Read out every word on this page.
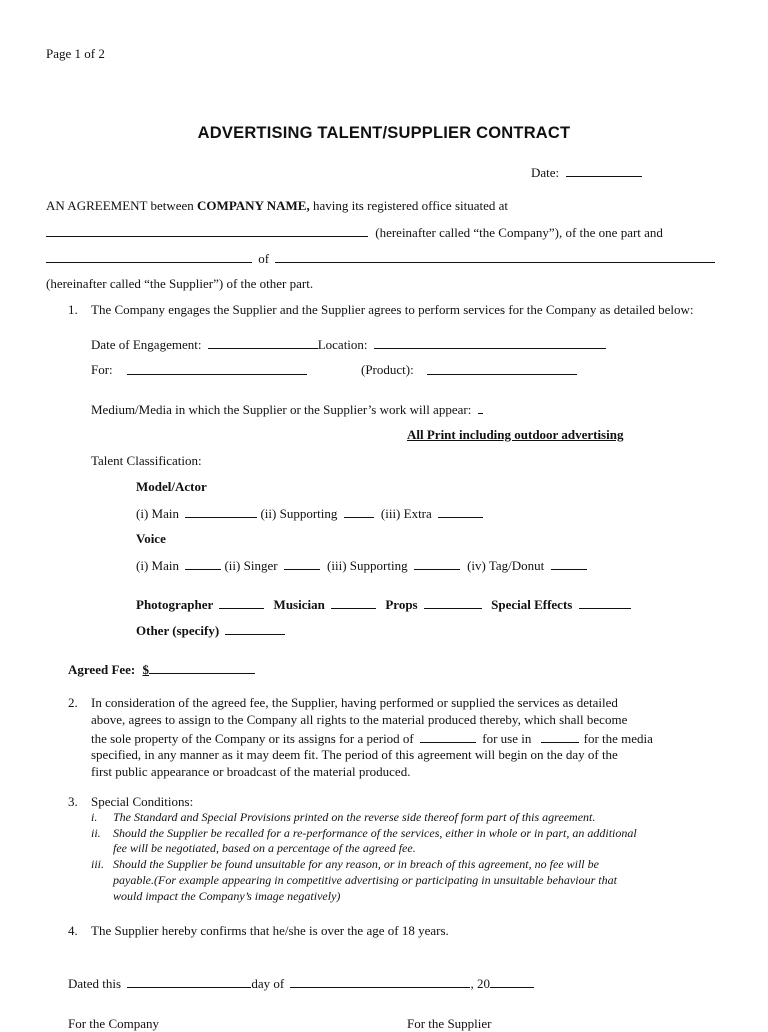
Page 1 of 2
ADVERTISING TALENT/SUPPLIER CONTRACT
Date:
AN AGREEMENT between COMPANY NAME, having its registered office situated at
(hereinafter called “the Company”), of the one part and
of
(hereinafter called “the Supplier”) of the other part.
1. The Company engages the Supplier and the Supplier agrees to perform services for the Company as detailed below:
Date of Engagement:	Location:
For:	(Product):
Medium/Media in which the Supplier or the Supplier’s work will appear:
All Print including outdoor advertising
Talent Classification:
Model/Actor
(i) Main	(ii) Supporting	(iii) Extra
Voice
(i) Main	(ii) Singer	(iii) Supporting	(iv) Tag/Donut
Photographer	Musician	Props	Special Effects
Other (specify)
Agreed Fee: $
2. In consideration of the agreed fee, the Supplier, having performed or supplied the services as detailed
above, agrees to assign to the Company all rights to the material produced thereby, which shall become
the sole property of the Company or its assigns for a period of	for use in	for the media
specified, in any manner as it may deem fit. The period of this agreement will begin on the day of the
first public appearance or broadcast of the material produced.
3. Special Conditions:
i. The Standard and Special Provisions printed on the reverse side thereof form part of this agreement.
ii. Should the Supplier be recalled for a re-performance of the services, either in whole or in part, an additional
fee will be negotiated, based on a percentage of the agreed fee.
iii. Should the Supplier be found unsuitable for any reason, or in breach of this agreement, no fee will be
payable.(For example appearing in competitive advertising or participating in unsuitable behaviour that
would impact the Company’s image negatively)
4. The Supplier hereby confirms that he/she is over the age of 18 years.
Dated this	day of	, 20
For the Company	For the Supplier
